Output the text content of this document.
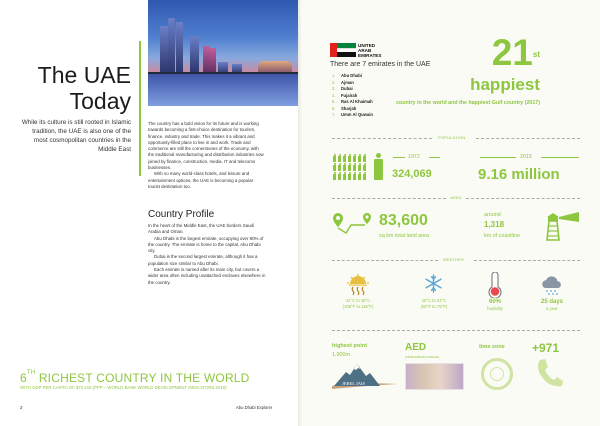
The UAE
Today
While its culture is still rooted in Islamic tradition, the UAE is also one of the most cosmopolitan countries in the Middle East

The country has a bold vision for its future and is working towards becoming a first-choice destination for tourism, finance, industry and trade. This makes it a vibrant and opportunity-filled place to live in and work. Trade and commerce are still the cornerstones of the economy, with the traditional manufacturing and distribution industries now joined by finance, construction, media, IT and telecoms businesses.

With so many world-class hotels, and leisure and entertainment options, the UAE is becoming a popular tourist destination too.

Country Profile

In the heart of the Middle East, the UAE borders Saudi Arabia and Oman.

Abu Dhabi is the largest emirate, occupying over 80% of the country. The emirate is home to the capital, Abu Dhabi city.

Dubai is the second largest emirate, although it has a population size similar to Abu Dhabi.

Each emirate is named after its main city, but covers a wider area often including unattached enclaves elsewhere in the country.

6TH RICHEST COUNTRY IN THE WORLD
WITH GDP PER CAPITA OF $72,418 (PPP – WORLD BANK WORLD DEVELOPMENT INDICATORS 2016)
2	Abu Dhabi Explorer
UNITED
ARAB
EMIRATES
There are 7 emirates in the UAE
1. Abu Dhabi
2. Ajman
3. Dubai
4. Fujairah
5. Ras Al Khaimah
6. Sharjah
7. Umm Al Quwain
21st
happiest
country in the world and the happiest Gulf country (2017)
POPULATION
1972
324,069
2015
9.16 million
AREA
83,600
sq km total land area
around
1,318
km of coastline
WEATHER
41°C to 48°C
(106°F to 118°F)
10°C to 24°C
(50°F to 75°F)
60%
humidity
25 days
a year
highest point
1,900m
JEBEL JAIS
AED
(ARAB EMIRATE DIRHAM)
time zone +971
